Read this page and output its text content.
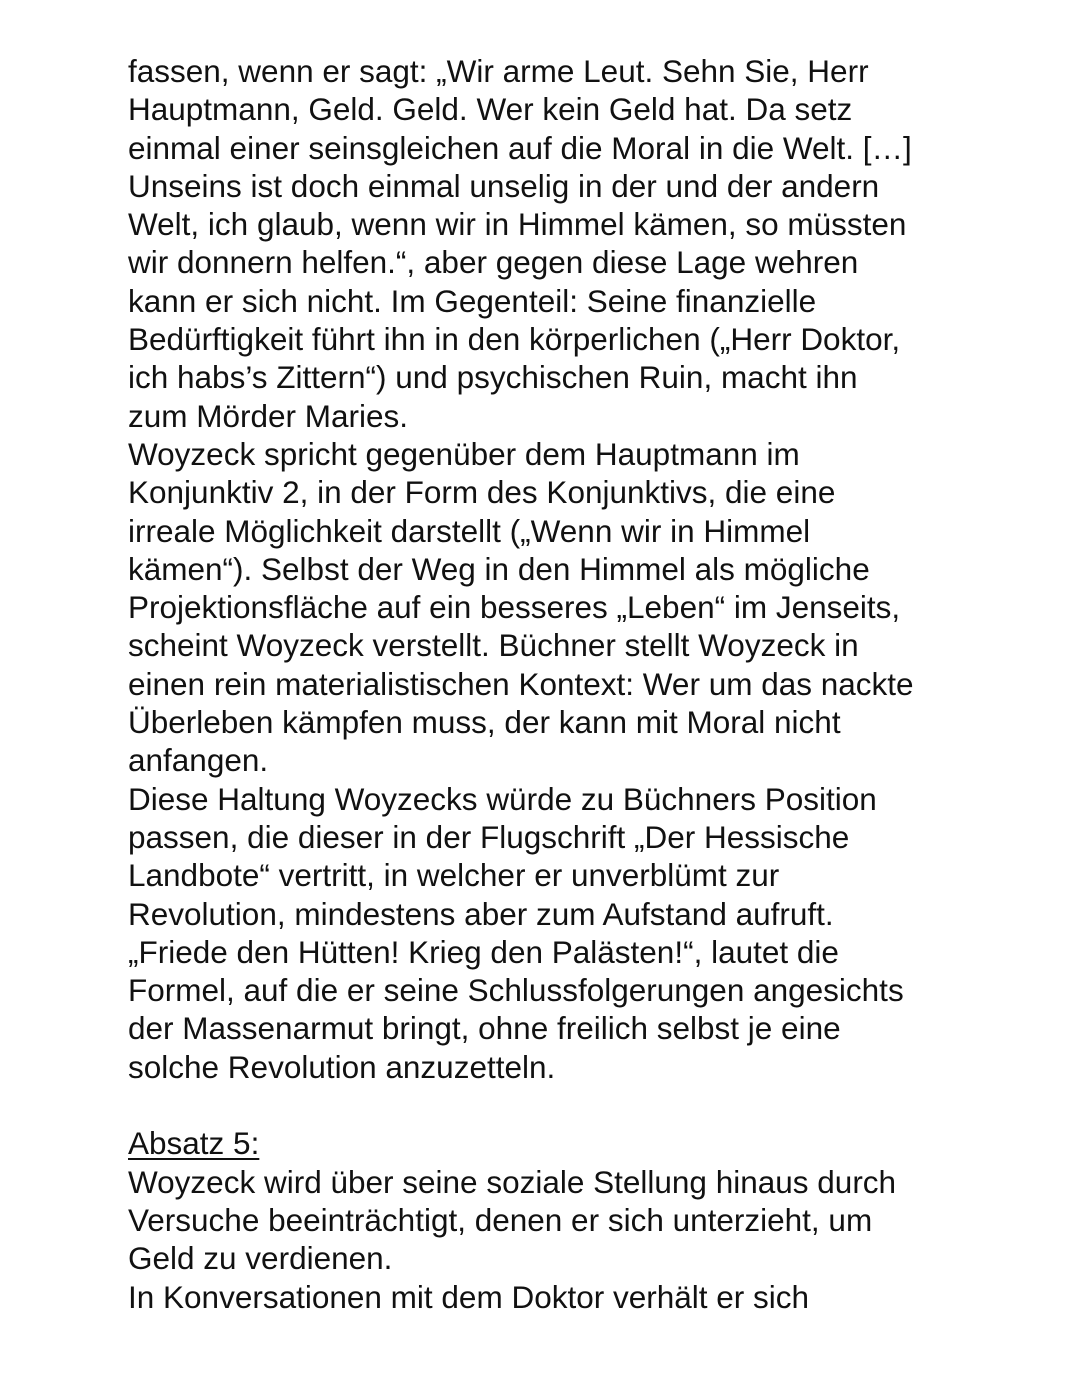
fassen, wenn er sagt: „Wir arme Leut. Sehn Sie, Herr
Hauptmann, Geld. Geld. Wer kein Geld hat. Da setz
einmal einer seinsgleichen auf die Moral in die Welt. […]
Unseins ist doch einmal unselig in der und der andern
Welt, ich glaub, wenn wir in Himmel kämen, so müssten
wir donnern helfen.“, aber gegen diese Lage wehren
kann er sich nicht. Im Gegenteil: Seine finanzielle
Bedürftigkeit führt ihn in den körperlichen („Herr Doktor,
ich habs’s Zittern“) und psychischen Ruin, macht ihn
zum Mörder Maries.
Woyzeck spricht gegenüber dem Hauptmann im
Konjunktiv 2, in der Form des Konjunktivs, die eine
irreale Möglichkeit darstellt („Wenn wir in Himmel
kämen“). Selbst der Weg in den Himmel als mögliche
Projektionsfläche auf ein besseres „Leben“ im Jenseits,
scheint Woyzeck verstellt. Büchner stellt Woyzeck in
einen rein materialistischen Kontext: Wer um das nackte
Überleben kämpfen muss, der kann mit Moral nicht
anfangen.
Diese Haltung Woyzecks würde zu Büchners Position
passen, die dieser in der Flugschrift „Der Hessische
Landbote“ vertritt, in welcher er unverblümt zur
Revolution, mindestens aber zum Aufstand aufruft.
„Friede den Hütten! Krieg den Palästen!“, lautet die
Formel, auf die er seine Schlussfolgerungen angesichts
der Massenarmut bringt, ohne freilich selbst je eine
solche Revolution anzuzetteln.
Absatz 5:
Woyzeck wird über seine soziale Stellung hinaus durch
Versuche beeinträchtigt, denen er sich unterzieht, um
Geld zu verdienen.
In Konversationen mit dem Doktor verhält er sich
